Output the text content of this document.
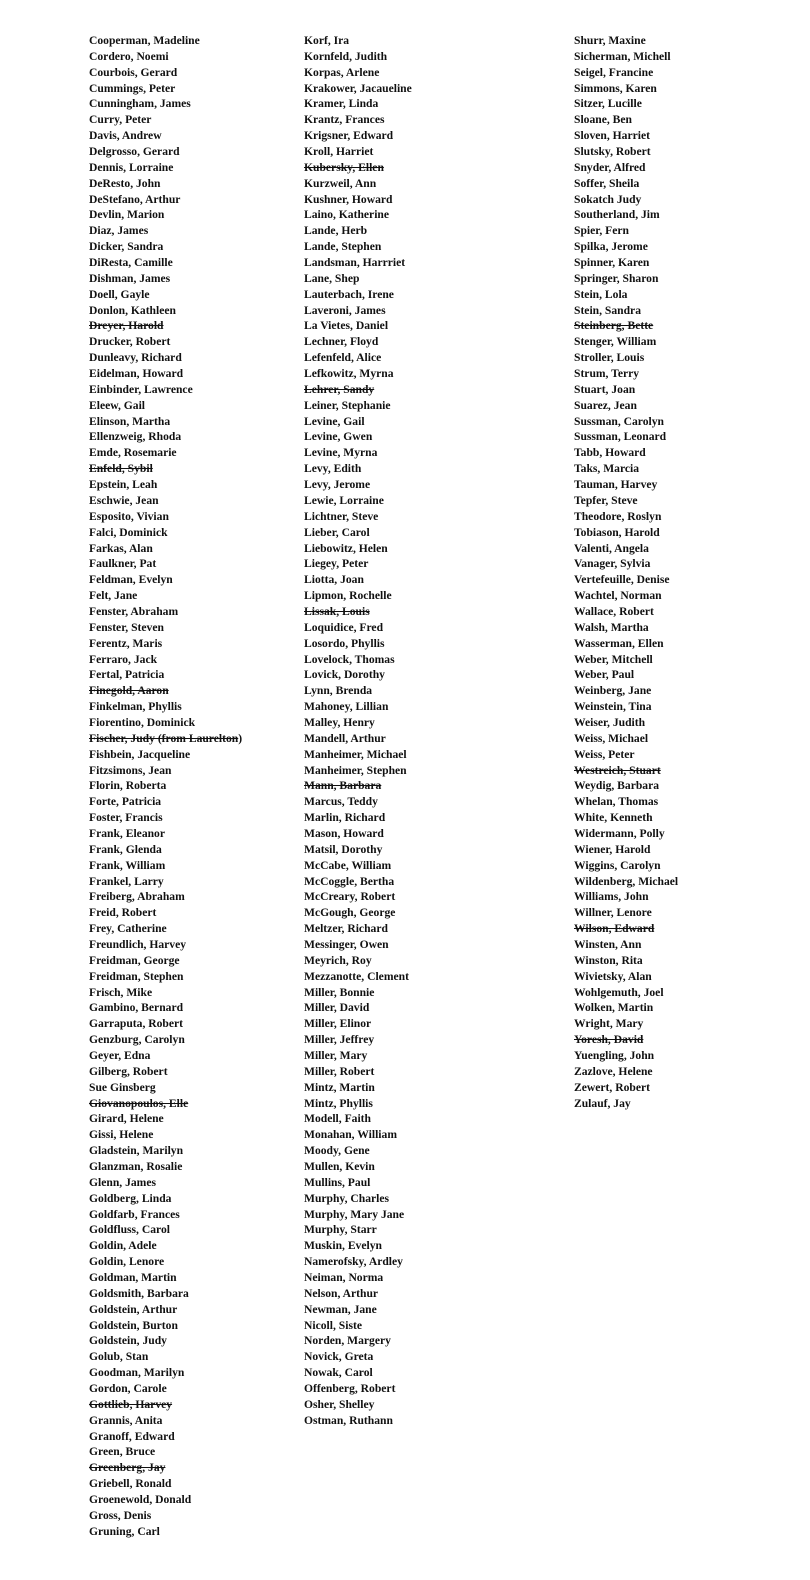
Cooperman, Madeline
Cordero, Noemi
Courbois, Gerard
Cummings, Peter
Cunningham, James
Curry, Peter
Davis, Andrew
Delgrosso, Gerard
Dennis, Lorraine
DeResto, John
DeStefano, Arthur
Devlin, Marion
Diaz, James
Dicker, Sandra
DiResta, Camille
Dishman, James
Doell, Gayle
Donlon, Kathleen
Dreyer, Harold
Drucker, Robert
Dunleavy, Richard
Eidelman, Howard
Einbinder, Lawrence
Eleew, Gail
Elinson, Martha
Ellenzweig, Rhoda
Emde, Rosemarie
Enfeld, Sybil
Epstein, Leah
Eschwie, Jean
Esposito, Vivian
Falci, Dominick
Farkas, Alan
Faulkner, Pat
Feldman, Evelyn
Felt, Jane
Fenster, Abraham
Fenster, Steven
Ferentz, Maris
Ferraro, Jack
Fertal, Patricia
Finegold, Aaron
Finkelman, Phyllis
Fiorentino, Dominick
Fischer, Judy (from Laurelton)
Fishbein, Jacqueline
Fitzsimons, Jean
Florin, Roberta
Forte, Patricia
Foster, Francis
Frank, Eleanor
Frank, Glenda
Frank, William
Frankel, Larry
Freiberg, Abraham
Freid, Robert
Frey, Catherine
Freundlich, Harvey
Freidman, George
Freidman, Stephen
Frisch, Mike
Gambino, Bernard
Garraputa, Robert
Genzburg, Carolyn
Geyer, Edna
Gilberg, Robert
Sue Ginsberg
Giovanopoulos, Elle
Girard, Helene
Gissi, Helene
Gladstein, Marilyn
Glanzman, Rosalie
Glenn, James
Goldberg, Linda
Goldfarb, Frances
Goldfluss, Carol
Goldin, Adele
Goldin, Lenore
Goldman, Martin
Goldsmith, Barbara
Goldstein, Arthur
Goldstein, Burton
Goldstein, Judy
Golub, Stan
Goodman, Marilyn
Gordon, Carole
Gottlieb, Harvey
Grannis, Anita
Granoff, Edward
Green, Bruce
Greenberg, Jay
Griebell, Ronald
Groenewold, Donald
Gross, Denis
Gruning, Carl
Korf, Ira
Kornfeld, Judith
Korpas, Arlene
Krakower, Jacaueline
Kramer, Linda
Krantz, Frances
Krigsner, Edward
Kroll, Harriet
Kubersky, Ellen
Kurzweil, Ann
Kushner, Howard
Laino, Katherine
Lande, Herb
Lande, Stephen
Landsman, Harrriet
Lane, Shep
Lauterbach, Irene
Laveroni, James
La Vietes, Daniel
Lechner, Floyd
Lefenfeld, Alice
Lefkowitz, Myrna
Lehrer, Sandy
Leiner, Stephanie
Levine, Gail
Levine, Gwen
Levine, Myrna
Levy, Edith
Levy, Jerome
Lewie, Lorraine
Lichtner, Steve
Lieber, Carol
Liebowitz, Helen
Liegey, Peter
Liotta, Joan
Lipmon, Rochelle
Lissak, Louis
Loquidice, Fred
Losordo, Phyllis
Lovelock, Thomas
Lovick, Dorothy
Lynn, Brenda
Mahoney, Lillian
Malley, Henry
Mandell, Arthur
Manheimer, Michael
Manheimer, Stephen
Mann, Barbara
Marcus, Teddy
Marlin, Richard
Mason, Howard
Matsil, Dorothy
McCabe, William
McCoggle, Bertha
McCreary, Robert
McGough, George
Meltzer, Richard
Messinger, Owen
Meyrich, Roy
Mezzanotte, Clement
Miller, Bonnie
Miller, David
Miller, Elinor
Miller, Jeffrey
Miller, Mary
Miller, Robert
Mintz, Martin
Mintz, Phyllis
Modell, Faith
Monahan, William
Moody, Gene
Mullen, Kevin
Mullins, Paul
Murphy, Charles
Murphy, Mary Jane
Murphy, Starr
Muskin, Evelyn
Namerofsky, Ardley
Neiman, Norma
Nelson, Arthur
Newman, Jane
Nicoll, Siste
Norden, Margery
Novick, Greta
Nowak, Carol
Offenberg, Robert
Osher, Shelley
Ostman, Ruthann
Shurr, Maxine
Sicherman, Michell
Seigel, Francine
Simmons, Karen
Sitzer, Lucille
Sloane, Ben
Sloven, Harriet
Slutsky, Robert
Snyder, Alfred
Soffer, Sheila
Sokatch Judy
Southerland, Jim
Spier, Fern
Spilka, Jerome
Spinner, Karen
Springer, Sharon
Stein, Lola
Stein, Sandra
Steinberg, Bette
Stenger, William
Stroller, Louis
Strum, Terry
Stuart, Joan
Suarez, Jean
Sussman, Carolyn
Sussman, Leonard
Tabb, Howard
Taks, Marcia
Tauman, Harvey
Tepfer, Steve
Theodore, Roslyn
Tobiason, Harold
Valenti, Angela
Vanager, Sylvia
Vertefeuille, Denise
Wachtel, Norman
Wallace, Robert
Walsh, Martha
Wasserman, Ellen
Weber, Mitchell
Weber, Paul
Weinberg, Jane
Weinstein, Tina
Weiser, Judith
Weiss, Michael
Weiss, Peter
Westreich, Stuart
Weydig, Barbara
Whelan, Thomas
White, Kenneth
Widermann, Polly
Wiener, Harold
Wiggins, Carolyn
Wildenberg, Michael
Williams, John
Willner, Lenore
Wilson, Edward
Winsten, Ann
Winston, Rita
Wivietsky, Alan
Wohlgemuth, Joel
Wolken, Martin
Wright, Mary
Yoresh, David
Yuengling, John
Zazlove, Helene
Zewert, Robert
Zulauf, Jay
